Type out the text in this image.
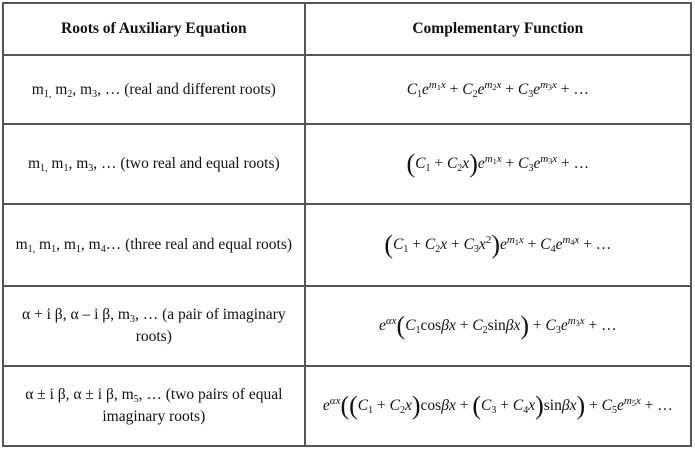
Roots of Auxiliary Equation	Complementary Function
$m_{1,}$ $m_2$, $m_3$, … (real and different roots)	$C_1e^{m_1x} + C_2e^{m_2x} + C_3e^{m_3x}$ + …
$m_{1,}$ $m_1$, $m_3$, … (two real and equal roots)	$(C_1 + C_2x)e^{m_1x} + C_3e^{m_3x}$ + …
$m_{1,}$ $m_1$, $m_1$, $m_4\dots$ (three real and equal roots)	$(C_1 + C_2x + C_3x^2)e^{m_1x} + C_4e^{m_4x}$ + …
α + i β, α – i β, $m_3$, … (a pair of imaginary roots)	$e^{\alpha x}(C_1\cos\beta x + C_2\sin\beta x) + C_3e^{m_3x}$ + …
α ± i β, α ± i β, $m_5$, … (two pairs of equal imaginary roots)	$e^{\alpha x}((C_1 + C_2x)\cos\beta x + (C_3 + C_4x)\sin\beta x) + C_5e^{m_5x}$ + …
